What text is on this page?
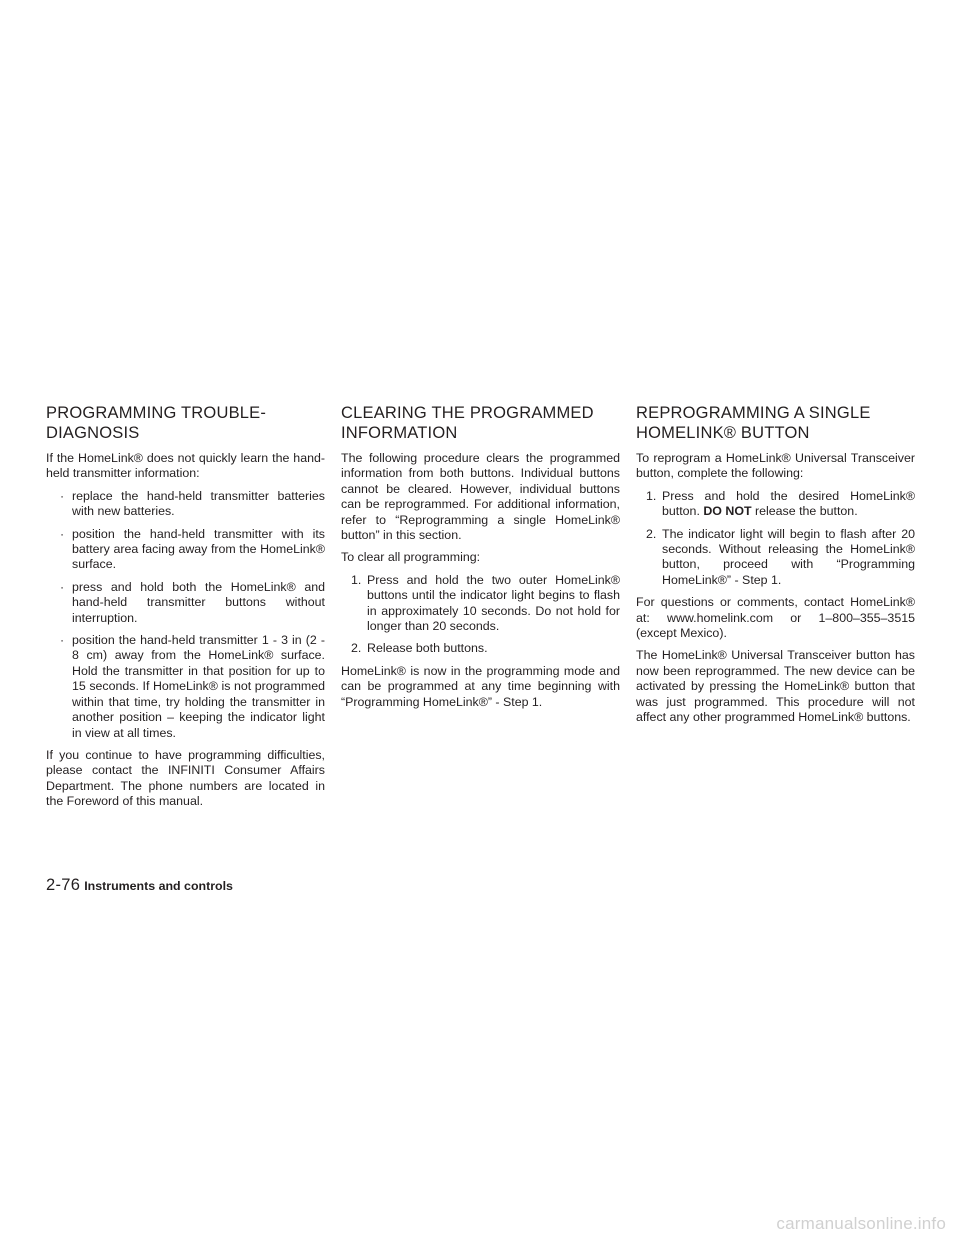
PROGRAMMING TROUBLE-
DIAGNOSIS

If the HomeLink® does not quickly learn the hand-held transmitter information:

· replace the hand-held transmitter batteries with new batteries.
· position the hand-held transmitter with its battery area facing away from the HomeLink® surface.
· press and hold both the HomeLink® and hand-held transmitter buttons without interruption.
· position the hand-held transmitter 1 - 3 in (2 - 8 cm) away from the HomeLink® surface. Hold the transmitter in that position for up to 15 seconds. If HomeLink® is not programmed within that time, try holding the transmitter in another position – keeping the indicator light in view at all times.

If you continue to have programming difficulties, please contact the INFINITI Consumer Affairs Department. The phone numbers are located in the Foreword of this manual.

CLEARING THE PROGRAMMED
INFORMATION

The following procedure clears the programmed information from both buttons. Individual buttons cannot be cleared. However, individual buttons can be reprogrammed. For additional information, refer to “Reprogramming a single HomeLink® button” in this section.

To clear all programming:

1. Press and hold the two outer HomeLink® buttons until the indicator light begins to flash in approximately 10 seconds. Do not hold for longer than 20 seconds.
2. Release both buttons.

HomeLink® is now in the programming mode and can be programmed at any time beginning with “Programming HomeLink®” - Step 1.

REPROGRAMMING A SINGLE
HOMELINK® BUTTON

To reprogram a HomeLink® Universal Transceiver button, complete the following:

1. Press and hold the desired HomeLink® button. DO NOT release the button.
2. The indicator light will begin to flash after 20 seconds. Without releasing the HomeLink® button, proceed with “Programming HomeLink®” - Step 1.

For questions or comments, contact HomeLink® at: www.homelink.com or 1–800–355–3515 (except Mexico).

The HomeLink® Universal Transceiver button has now been reprogrammed. The new device can be activated by pressing the HomeLink® button that was just programmed. This procedure will not affect any other programmed HomeLink® buttons.

2-76 Instruments and controls
carmanualsonline.info
